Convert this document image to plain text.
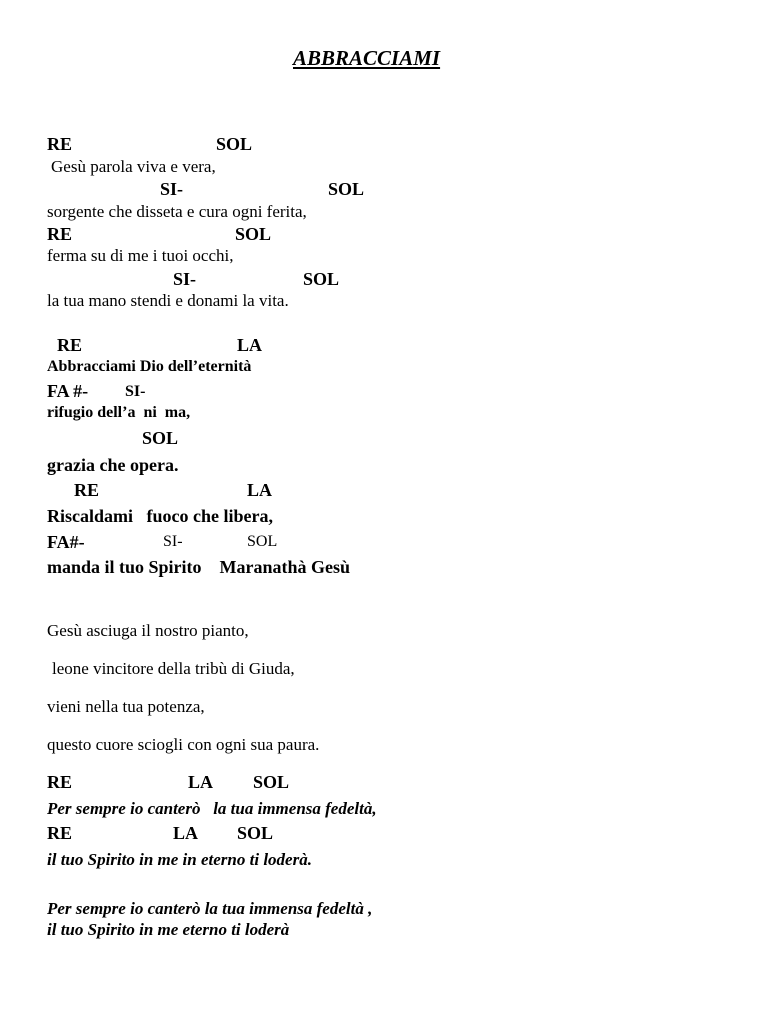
ABBRACCIAMI
RE	SOL
Gesù parola viva e vera,
SI-	SOL
sorgente che disseta e cura ogni ferita,
RE	SOL
ferma su di me i tuoi occhi,
SI-	SOL
la tua mano stendi e donami la vita.
RE	LA
Abbracciami Dio dell’eternità
FA #- SI-
rifugio dell’a  ni  ma,
SOL
grazia che opera.
RE	LA
Riscaldami   fuoco che libera,
FA#-	SI-	SOL
manda il tuo Spirito    Maranathà Gesù
Gesù asciuga il nostro pianto,
leone vincitore della tribù di Giuda,
vieni nella tua potenza,
questo cuore sciogli con ogni sua paura.
RE	LA SOL
Per sempre io canterò   la tua immensa fedeltà,
RE	LA SOL
il tuo Spirito in me in eterno ti loderà.
Per sempre io canterò la tua immensa fedeltà ,
il tuo Spirito in me eterno ti loderà
